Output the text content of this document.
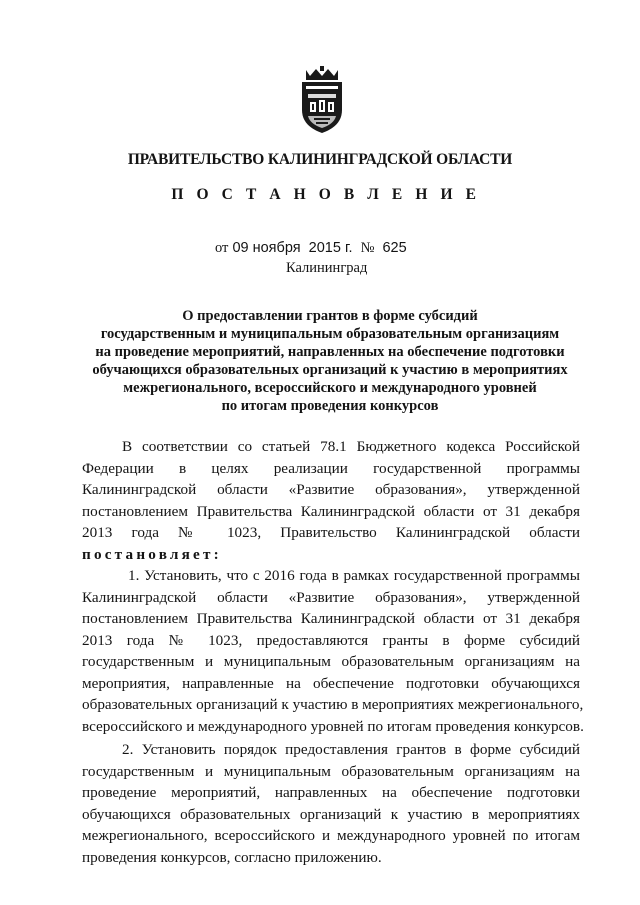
ПРАВИТЕЛЬСТВО КАЛИНИНГРАДСКОЙ ОБЛАСТИ
П О С Т А Н О В Л Е Н И Е
от 09 ноября 2015 г. № 625
Калининград
О предоставлении грантов в форме субсидий
государственным и муниципальным образовательным организациям
на проведение мероприятий, направленных на обеспечение подготовки
обучающихся образовательных организаций к участию в мероприятиях
межрегионального, всероссийского и международного уровней
по итогам проведения конкурсов
В соответствии со статьей 78.1 Бюджетного кодекса Российской
Федерации в целях реализации государственной программы
Калининградской области «Развитие образования», утвержденной
постановлением Правительства Калининградской области от 31 декабря
2013 года № 1023, Правительство Калининградской области
постановляет:
1. Установить, что с 2016 года в рамках государственной программы
Калининградской области «Развитие образования», утвержденной
постановлением Правительства Калининградской области от 31 декабря
2013 года № 1023, предоставляются гранты в форме субсидий
государственным и муниципальным образовательным организациям на
мероприятия, направленные на обеспечение подготовки обучающихся
образовательных организаций к участию в мероприятиях межрегионального,
всероссийского и международного уровней по итогам проведения конкурсов.
2. Установить порядок предоставления грантов в форме субсидий
государственным и муниципальным образовательным организациям на
проведение мероприятий, направленных на обеспечение подготовки
обучающихся образовательных организаций к участию в мероприятиях
межрегионального, всероссийского и международного уровней по итогам
проведения конкурсов, согласно приложению.
